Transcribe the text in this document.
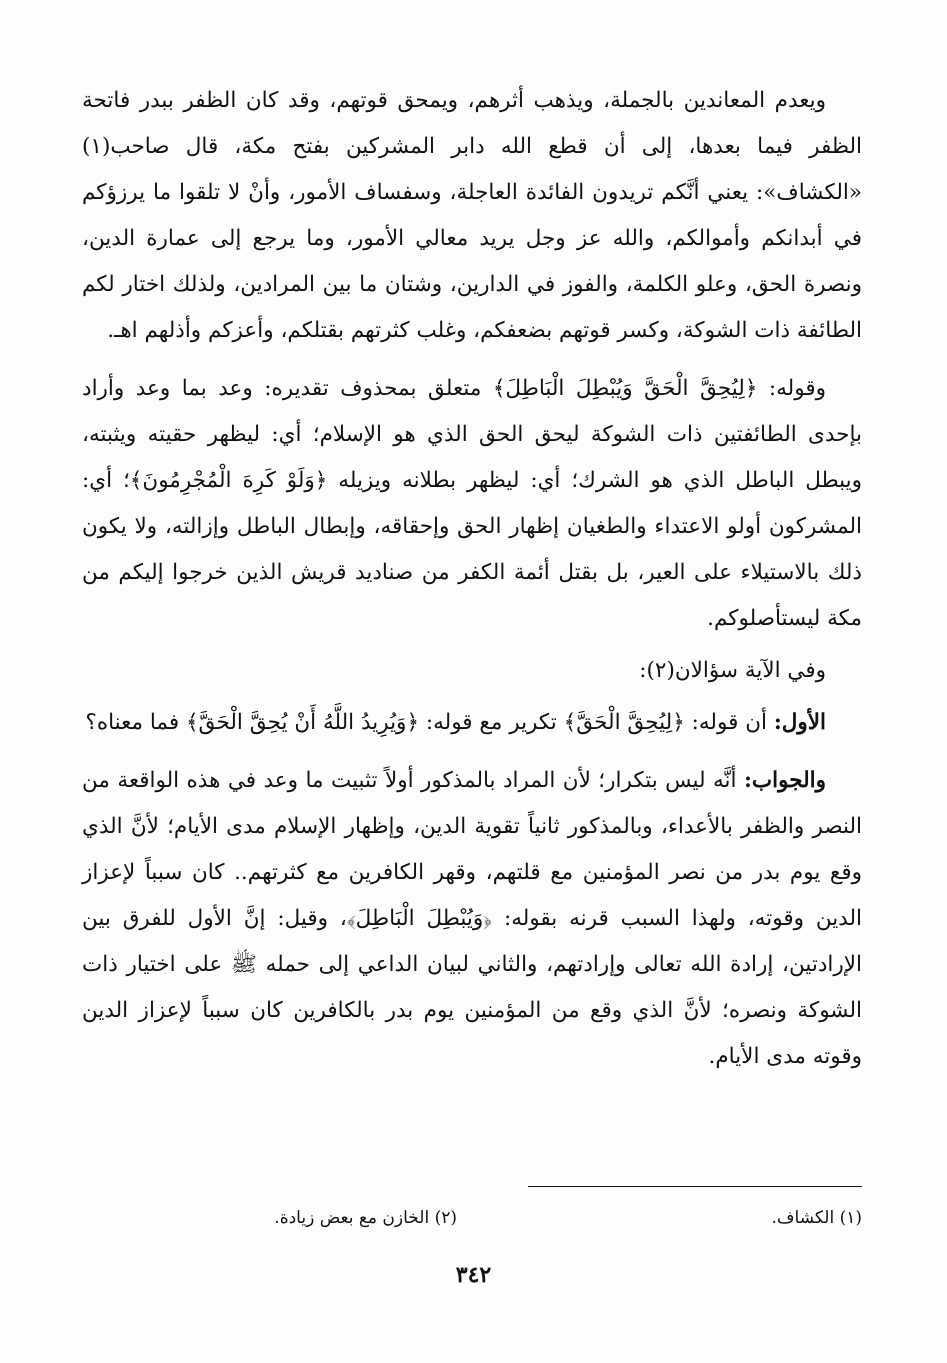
ويعدم المعاندين بالجملة، ويذهب أثرهم، ويمحق قوتهم، وقد كان الظفر ببدر فاتحة الظفر فيما بعدها، إلى أن قطع الله دابر المشركين بفتح مكة، قال صاحب(١) «الكشاف»: يعني أنَّكم تريدون الفائدة العاجلة، وسفساف الأمور، وأنْ لا تلقوا ما يرزؤكم في أبدانكم وأموالكم، والله عز وجل يريد معالي الأمور، وما يرجع إلى عمارة الدين، ونصرة الحق، وعلو الكلمة، والفوز في الدارين، وشتان ما بين المرادين، ولذلك اختار لكم الطائفة ذات الشوكة، وكسر قوتهم بضعفكم، وغلب كثرتهم بقتلكم، وأعزكم وأذلهم اهـ.

وقوله: ﴿لِيُحِقَّ الْحَقَّ وَيُبْطِلَ الْبَاطِلَ﴾ متعلق بمحذوف تقديره: وعد بما وعد وأراد بإحدى الطائفتين ذات الشوكة ليحق الحق الذي هو الإسلام؛ أي: ليظهر حقيته ويثبته، ويبطل الباطل الذي هو الشرك؛ أي: ليظهر بطلانه ويزيله ﴿وَلَوْ كَرِهَ الْمُجْرِمُونَ﴾؛ أي: المشركون أولو الاعتداء والطغيان إظهار الحق وإحقاقه، وإبطال الباطل وإزالته، ولا يكون ذلك بالاستيلاء على العير، بل بقتل أئمة الكفر من صناديد قريش الذين خرجوا إليكم من مكة ليستأصلوكم.

وفي الآية سؤالان(٢):

الأول: أن قوله: ﴿لِيُحِقَّ الْحَقَّ﴾ تكرير مع قوله: ﴿وَيُرِيدُ اللَّهُ أَنْ يُحِقَّ الْحَقَّ﴾ فما معناه؟

والجواب: أنَّه ليس بتكرار؛ لأن المراد بالمذكور أولاً تثبيت ما وعد في هذه الواقعة من النصر والظفر بالأعداء، وبالمذكور ثانياً تقوية الدين، وإظهار الإسلام مدى الأيام؛ لأنَّ الذي وقع يوم بدر من نصر المؤمنين مع قلتهم، وقهر الكافرين مع كثرتهم.. كان سبباً لإعزاز الدين وقوته، ولهذا السبب قرنه بقوله: ﴿وَيُبْطِلَ الْبَاطِلَ﴾، وقيل: إنَّ الأول للفرق بين الإرادتين، إرادة الله تعالى وإرادتهم، والثاني لبيان الداعي إلى حمله ﷺ على اختيار ذات الشوكة ونصره؛ لأنَّ الذي وقع من المؤمنين يوم بدر بالكافرين كان سبباً لإعزاز الدين وقوته مدى الأيام.

(١) الكشاف.
(٢) الخازن مع بعض زيادة.
٣٤٢
